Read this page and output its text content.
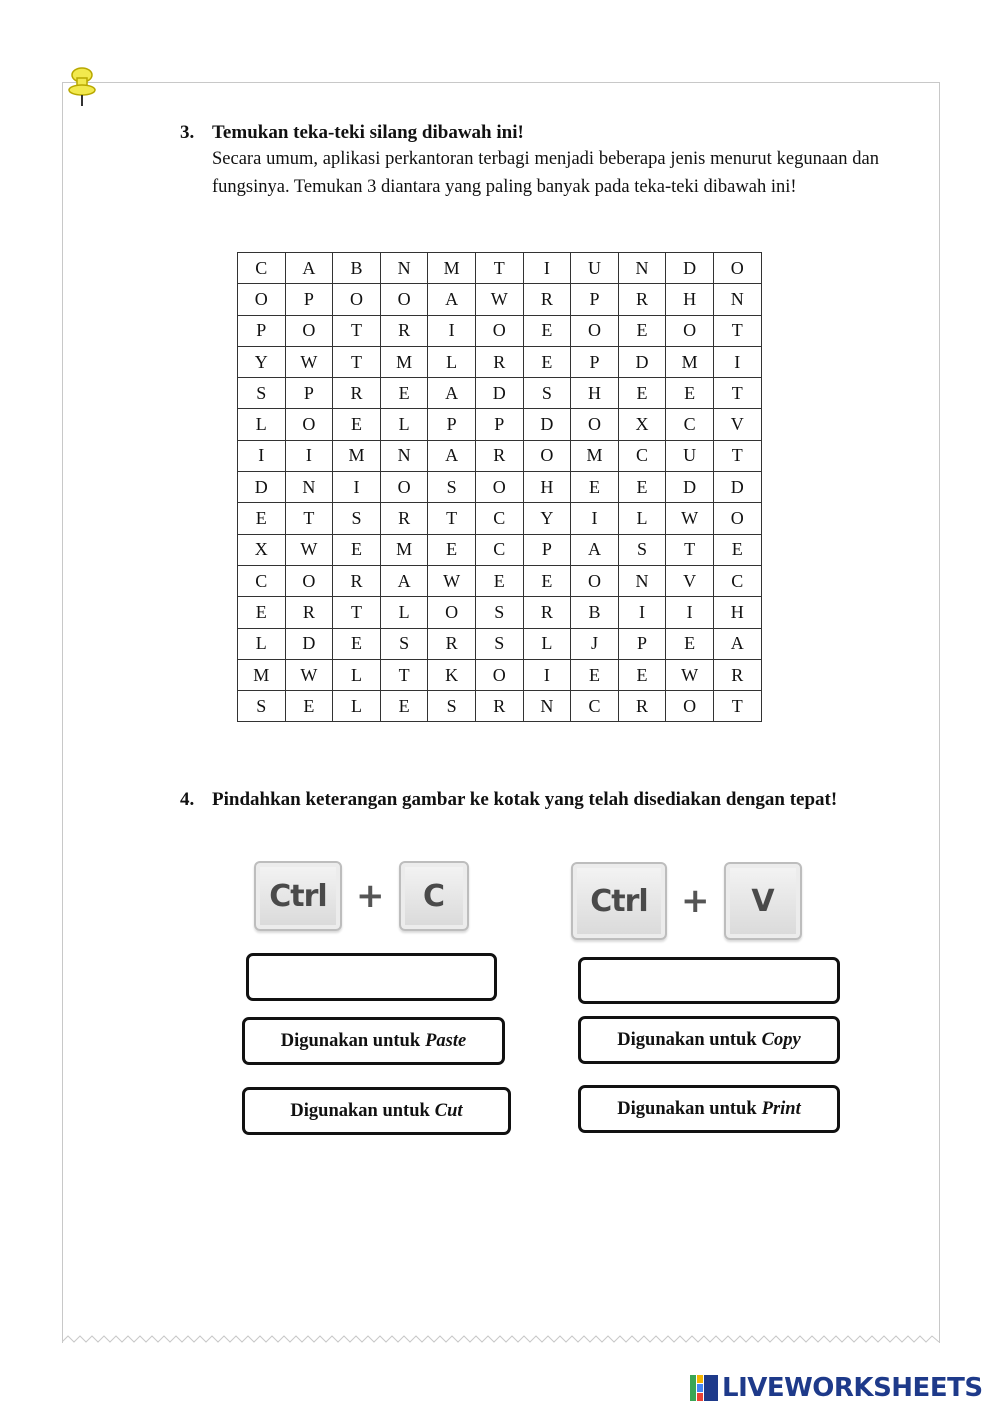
3. Temukan teka-teki silang dibawah ini!
Secara umum, aplikasi perkantoran terbagi menjadi beberapa jenis menurut kegunaan dan fungsinya. Temukan 3 diantara yang paling banyak pada teka-teki dibawah ini!
C	A	B	N	M	T	I	U	N	D	O
O	P	O	O	A	W	R	P	R	H	N
P	O	T	R	I	O	E	O	E	O	T
Y	W	T	M	L	R	E	P	D	M	I
S	P	R	E	A	D	S	H	E	E	T
L	O	E	L	P	P	D	O	X	C	V
I	I	M	N	A	R	O	M	C	U	T
D	N	I	O	S	O	H	E	E	D	D
E	T	S	R	T	C	Y	I	L	W	O
X	W	E	M	E	C	P	A	S	T	E
C	O	R	A	W	E	E	O	N	V	C
E	R	T	L	O	S	R	B	I	I	H
L	D	E	S	R	S	L	J	P	E	A
M	W	L	T	K	O	I	E	E	W	R
S	E	L	E	S	R	N	C	R	O	T
4. Pindahkan keterangan gambar ke kotak yang telah disediakan dengan tepat!
Ctrl +	C	Ctrl +	V
Digunakan untuk Paste	Digunakan untuk Copy
Digunakan untuk Cut	Digunakan untuk Print
LIVEWORKSHEETS
